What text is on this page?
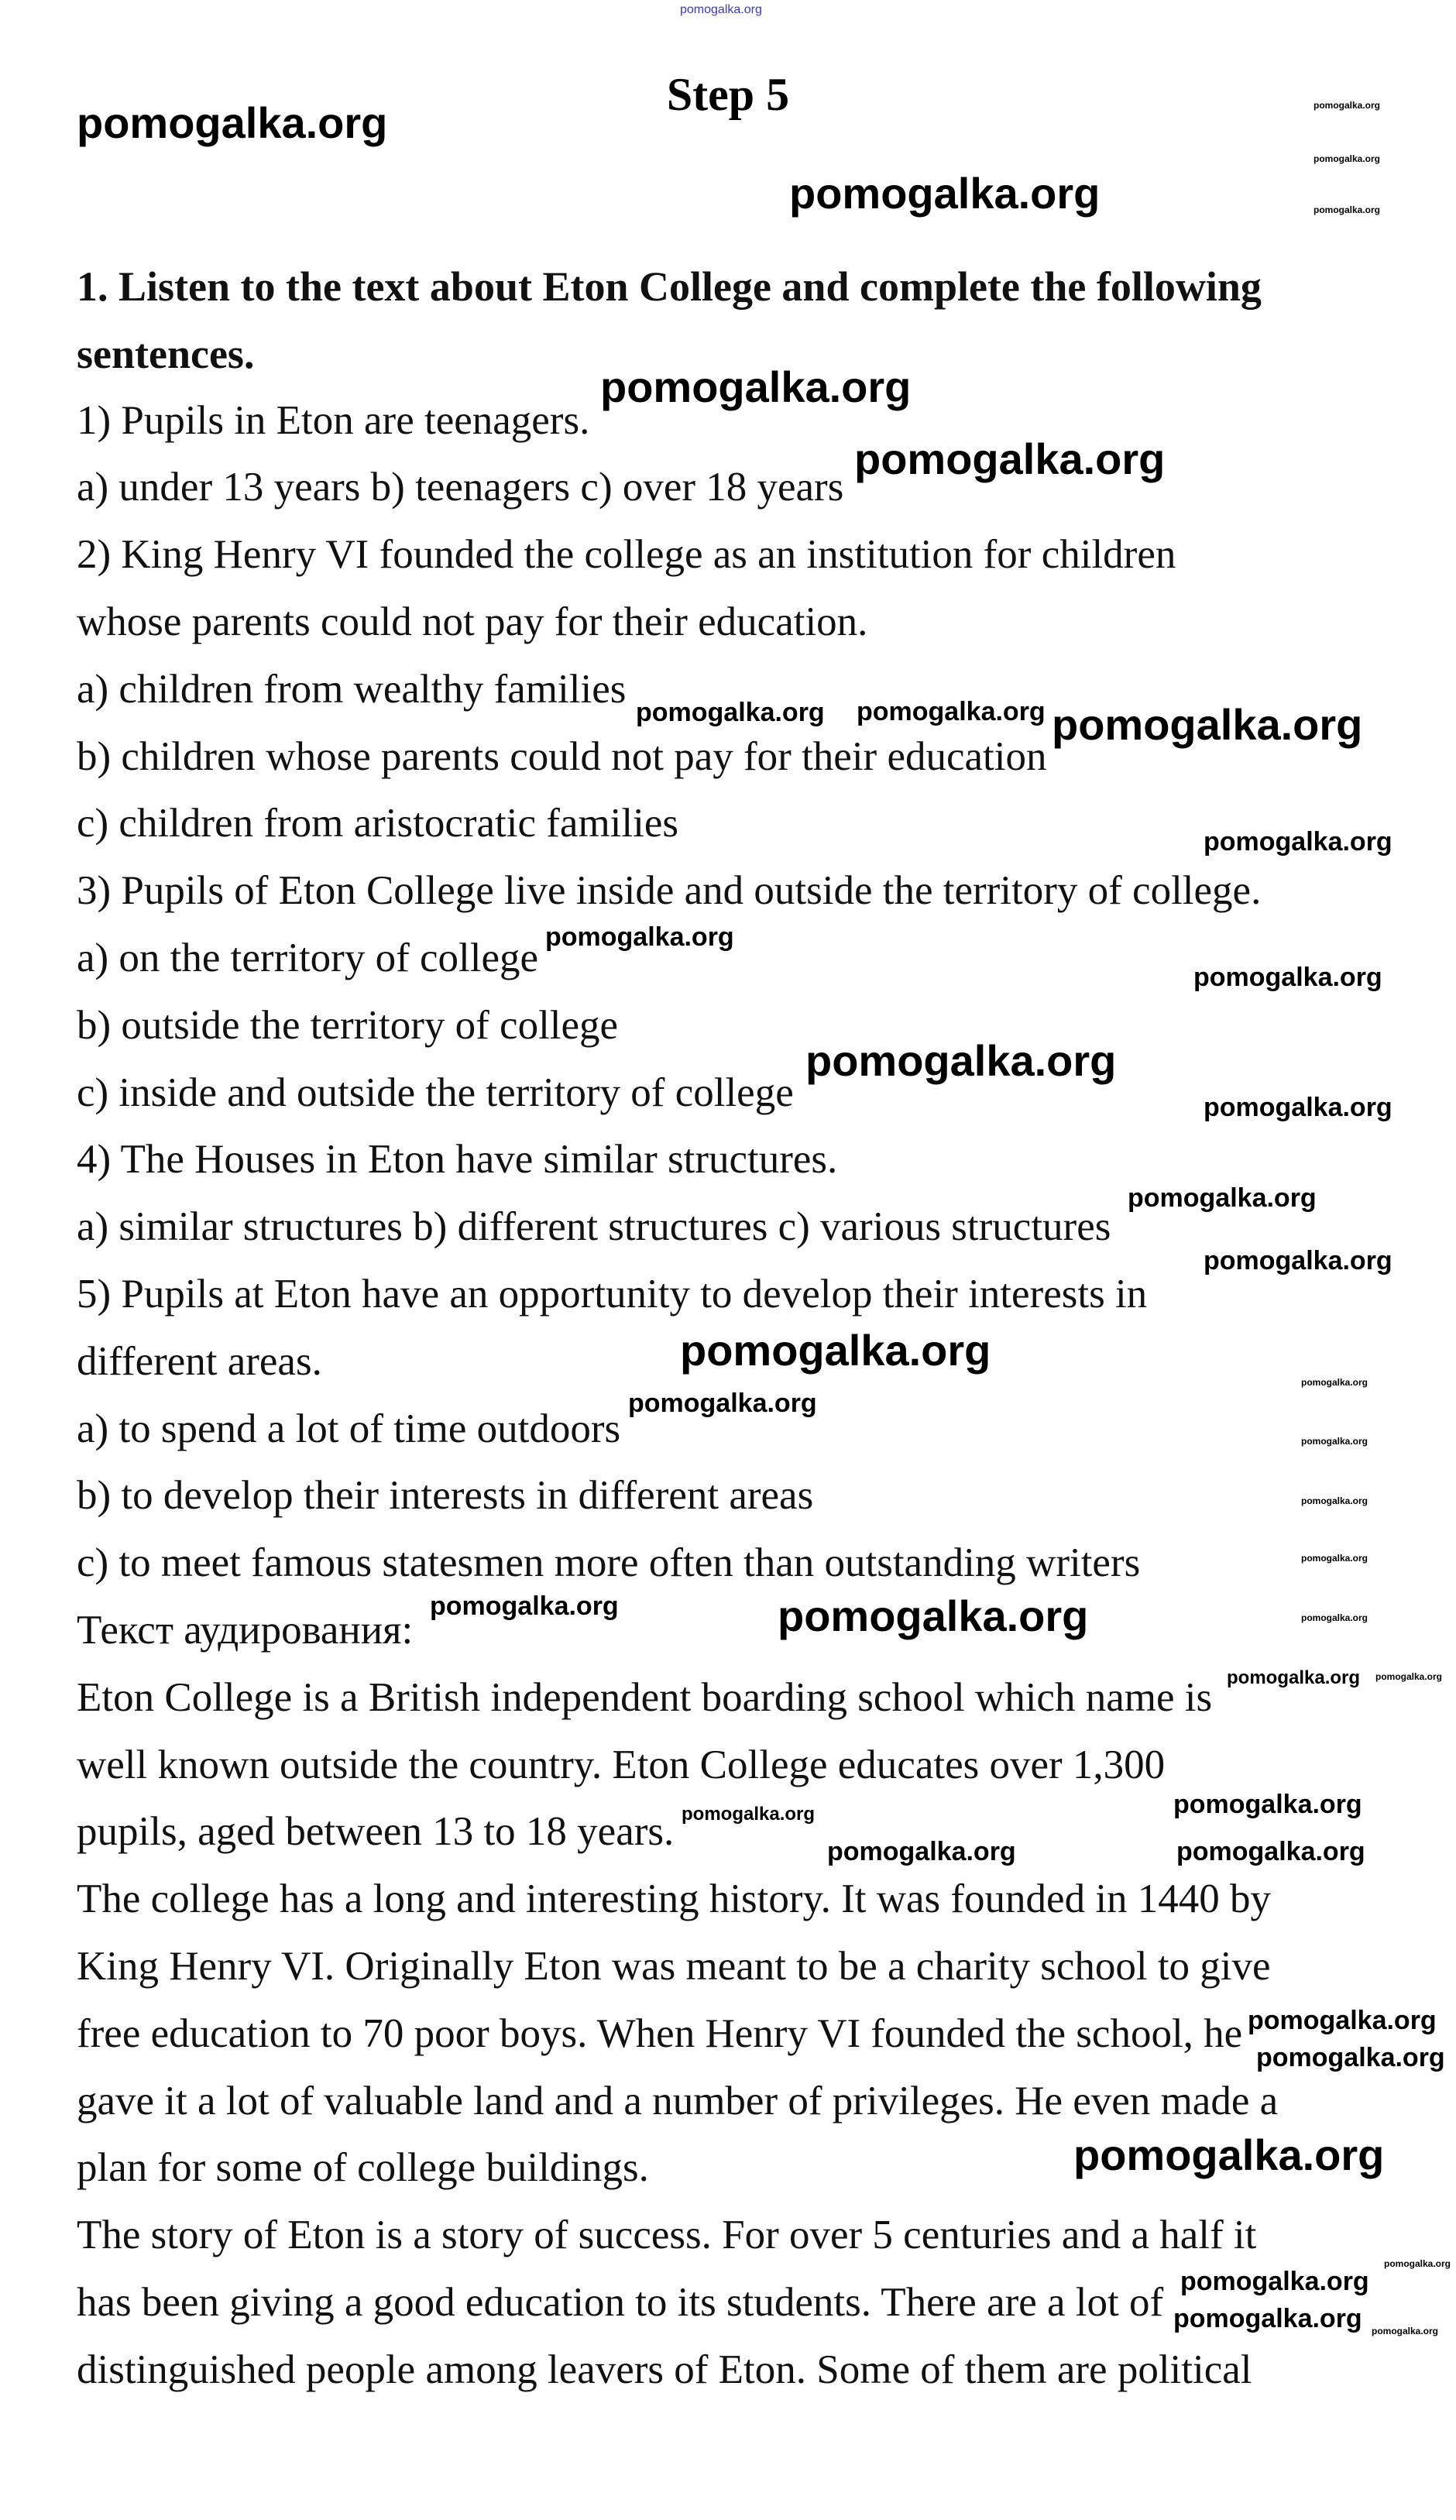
Step 5
1. Listen to the text about Eton College and complete the following
sentences.
1) Pupils in Eton are teenagers.
a) under 13 years b) teenagers c) over 18 years
2) King Henry VI founded the college as an institution for children
whose parents could not pay for their education.
a) children from wealthy families
b) children whose parents could not pay for their education
c) children from aristocratic families
3) Pupils of Eton College live inside and outside the territory of college.
a) on the territory of college
b) outside the territory of college
c) inside and outside the territory of college
4) The Houses in Eton have similar structures.
a) similar structures b) different structures c) various structures
5) Pupils at Eton have an opportunity to develop their interests in
different areas.
a) to spend a lot of time outdoors
b) to develop their interests in different areas
c) to meet famous statesmen more often than outstanding writers
Текст аудирования:
Eton College is a British independent boarding school which name is
well known outside the country. Eton College educates over 1,300
pupils, aged between 13 to 18 years.
The college has a long and interesting history. It was founded in 1440 by
King Henry VI. Originally Eton was meant to be a charity school to give
free education to 70 poor boys. When Henry VI founded the school, he
gave it a lot of valuable land and a number of privileges. He even made a
plan for some of college buildings.
The story of Eton is a story of success. For over 5 centuries and a half it
has been giving a good education to its students. There are a lot of
distinguished people among leavers of Eton. Some of them are political
pomogalka.org
pomogalka.org
pomogalka.org
pomogalka.org
pomogalka.org
pomogalka.org
pomogalka.org
pomogalka.org
pomogalka.org
pomogalka.org
pomogalka.org pomogalka.org
pomogalka.org
pomogalka.org
pomogalka.org
pomogalka.org
pomogalka.org
pomogalka.org
pomogalka.org
pomogalka.org
pomogalka.org
pomogalka.org	pomogalka.org
pomogalka.org
pomogalka.org
pomogalka.org
pomogalka.org
pomogalka.org
pomogalka.org
pomogalka.org
pomogalka.org
pomogalka.org
pomogalka.org
pomogalka.org
pomogalka.org
pomogalka.org
pomogalka.org
pomogalka.org
pomogalka.org
pomogalka.org
